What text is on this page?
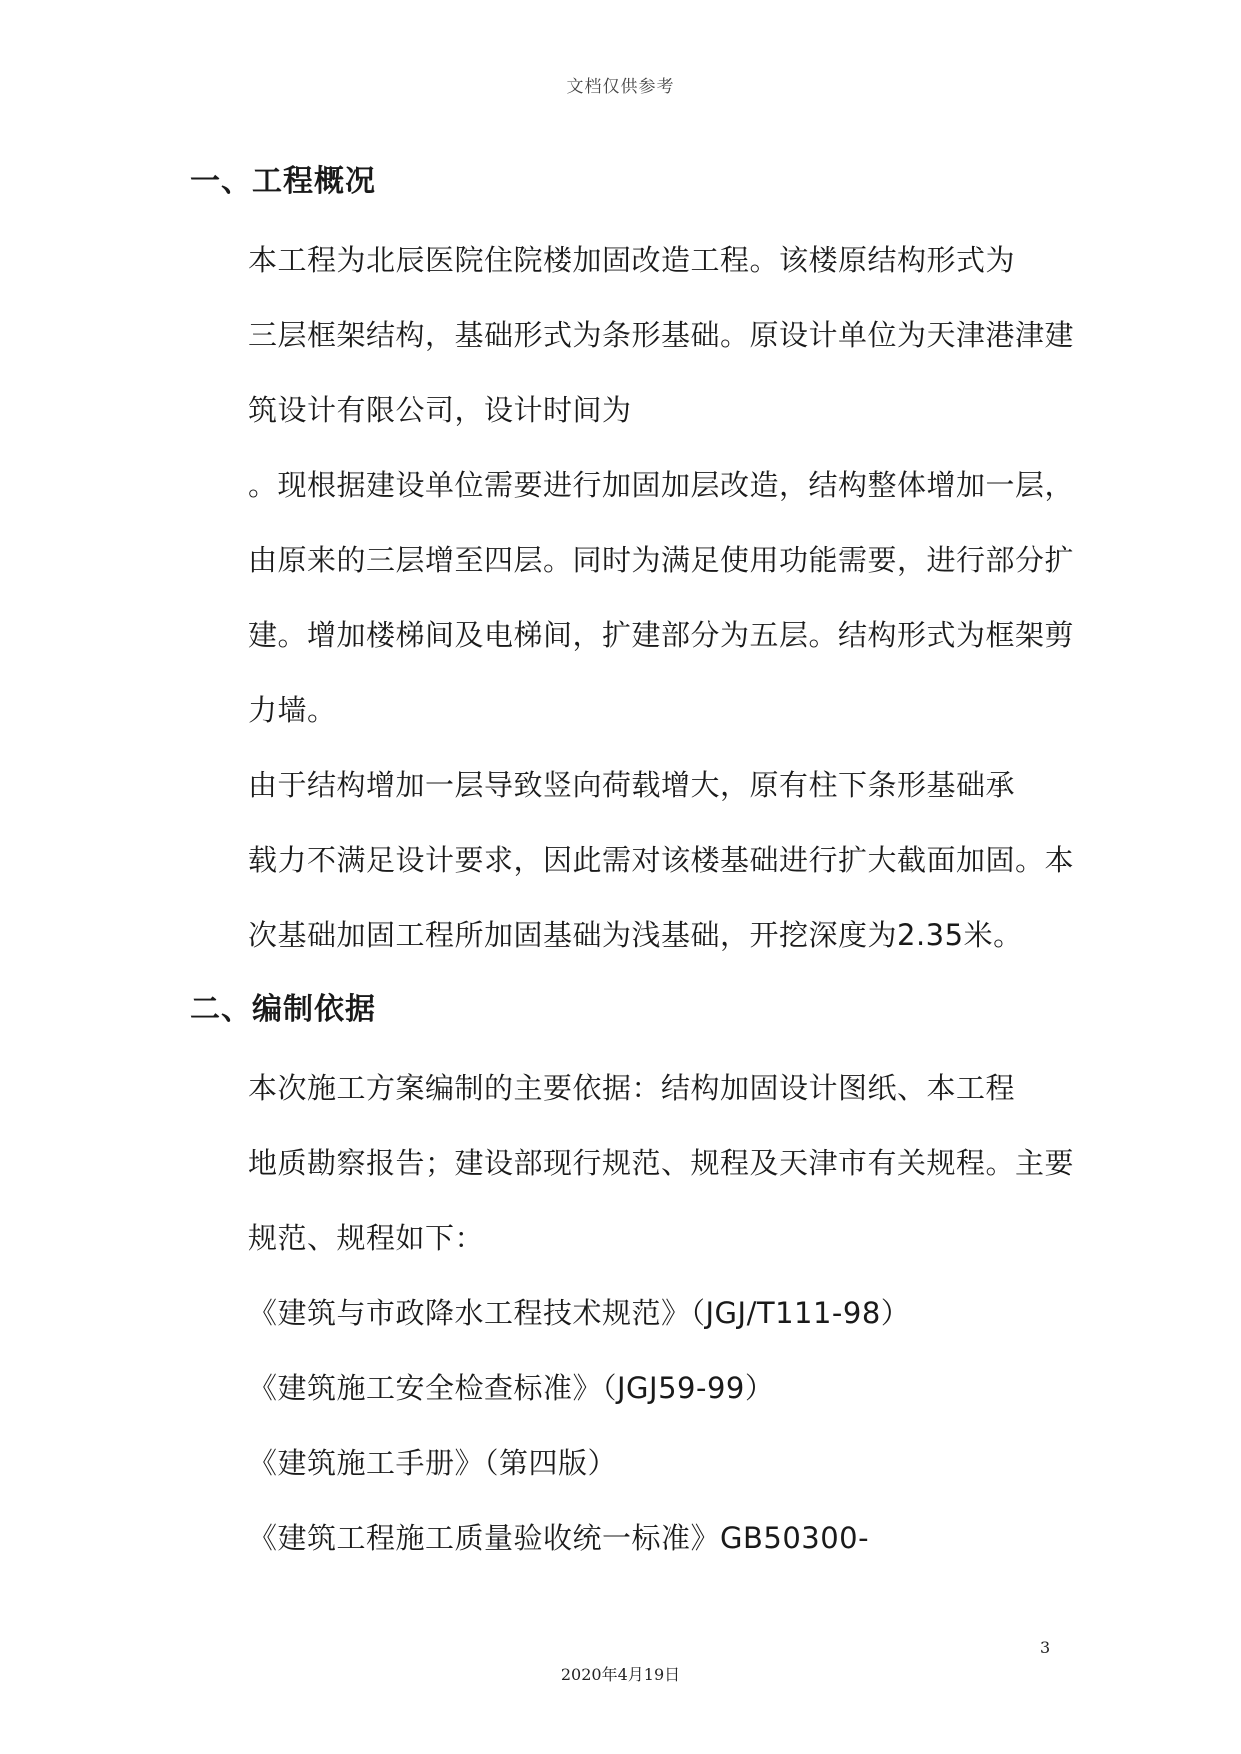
文档仅供参考
一、工程概况

本工程为北辰医院住院楼加固改造工程。该楼原结构形式为
三层框架结构，基础形式为条形基础。原设计单位为天津港津建
筑设计有限公司，设计时间为
。现根据建设单位需要进行加固加层改造，结构整体增加一层，
由原来的三层增至四层。同时为满足使用功能需要，进行部分扩
建。增加楼梯间及电梯间，扩建部分为五层。结构形式为框架剪
力墙。

由于结构增加一层导致竖向荷载增大，原有柱下条形基础承
载力不满足设计要求，因此需对该楼基础进行扩大截面加固。本
次基础加固工程所加固基础为浅基础，开挖深度为2.35米。

二、编制依据

本次施工方案编制的主要依据：结构加固设计图纸、本工程
地质勘察报告；建设部现行规范、规程及天津市有关规程。主要
规范、规程如下：

《建筑与市政降水工程技术规范》（JGJ/T111-98）

《建筑施工安全检查标准》（JGJ59-99）

《建筑施工手册》（第四版）

《建筑工程施工质量验收统一标准》GB50300-

3
2020年4月19日
